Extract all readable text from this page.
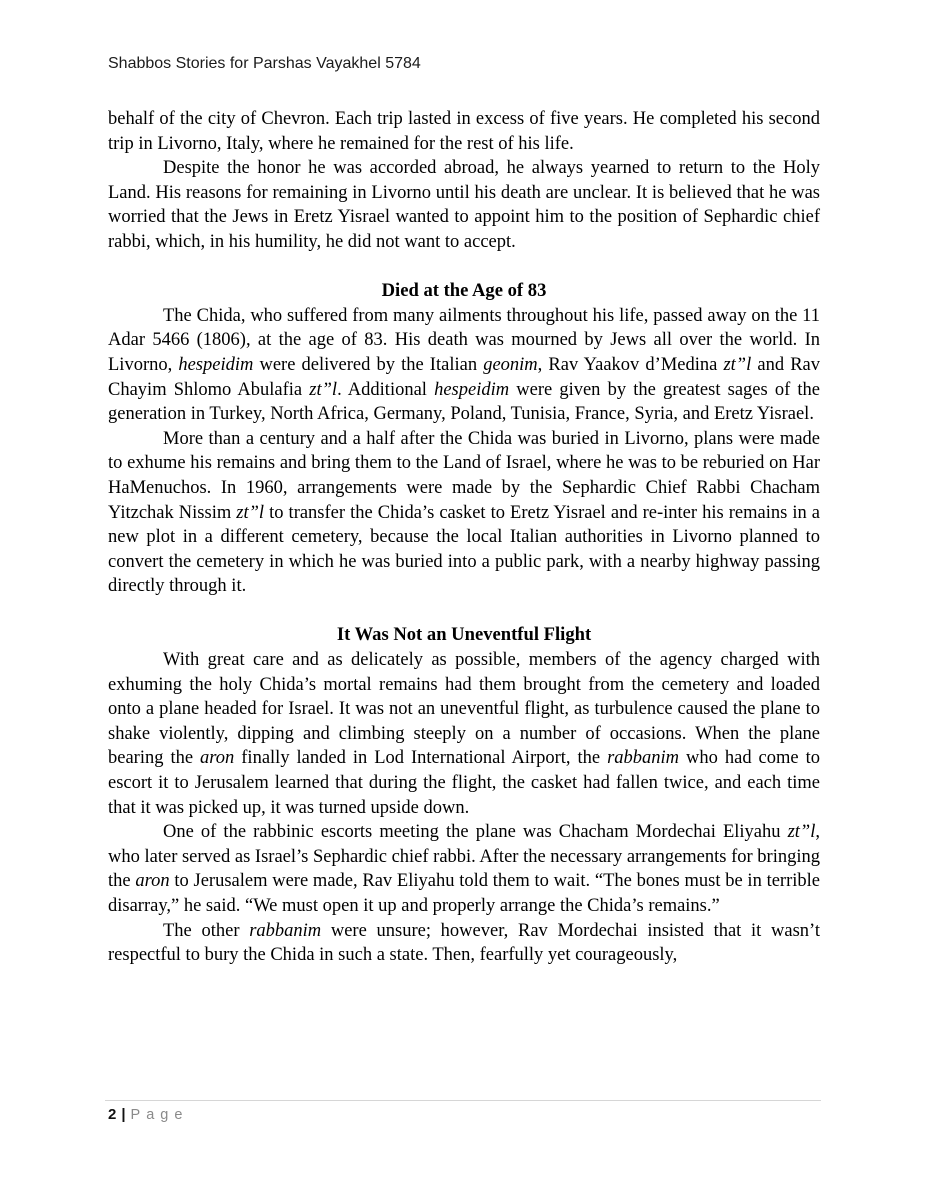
Shabbos Stories for Parshas Vayakhel 5784

behalf of the city of Chevron. Each trip lasted in excess of five years. He completed his second trip in Livorno, Italy, where he remained for the rest of his life.

Despite the honor he was accorded abroad, he always yearned to return to the Holy Land. His reasons for remaining in Livorno until his death are unclear. It is believed that he was worried that the Jews in Eretz Yisrael wanted to appoint him to the position of Sephardic chief rabbi, which, in his humility, he did not want to accept.

Died at the Age of 83

The Chida, who suffered from many ailments throughout his life, passed away on the 11 Adar 5466 (1806), at the age of 83. His death was mourned by Jews all over the world. In Livorno, hespeidim were delivered by the Italian geonim, Rav Yaakov d’Medina zt”l and Rav Chayim Shlomo Abulafia zt”l. Additional hespeidim were given by the greatest sages of the generation in Turkey, North Africa, Germany, Poland, Tunisia, France, Syria, and Eretz Yisrael.

More than a century and a half after the Chida was buried in Livorno, plans were made to exhume his remains and bring them to the Land of Israel, where he was to be reburied on Har HaMenuchos. In 1960, arrangements were made by the Sephardic Chief Rabbi Chacham Yitzchak Nissim zt”l to transfer the Chida’s casket to Eretz Yisrael and re-inter his remains in a new plot in a different cemetery, because the local Italian authorities in Livorno planned to convert the cemetery in which he was buried into a public park, with a nearby highway passing directly through it.

It Was Not an Uneventful Flight

With great care and as delicately as possible, members of the agency charged with exhuming the holy Chida’s mortal remains had them brought from the cemetery and loaded onto a plane headed for Israel. It was not an uneventful flight, as turbulence caused the plane to shake violently, dipping and climbing steeply on a number of occasions. When the plane bearing the aron finally landed in Lod International Airport, the rabbanim who had come to escort it to Jerusalem learned that during the flight, the casket had fallen twice, and each time that it was picked up, it was turned upside down.

One of the rabbinic escorts meeting the plane was Chacham Mordechai Eliyahu zt”l, who later served as Israel’s Sephardic chief rabbi. After the necessary arrangements for bringing the aron to Jerusalem were made, Rav Eliyahu told them to wait. “The bones must be in terrible disarray,” he said. “We must open it up and properly arrange the Chida’s remains.”

The other rabbanim were unsure; however, Rav Mordechai insisted that it wasn’t respectful to bury the Chida in such a state. Then, fearfully yet courageously,

2 | Page
